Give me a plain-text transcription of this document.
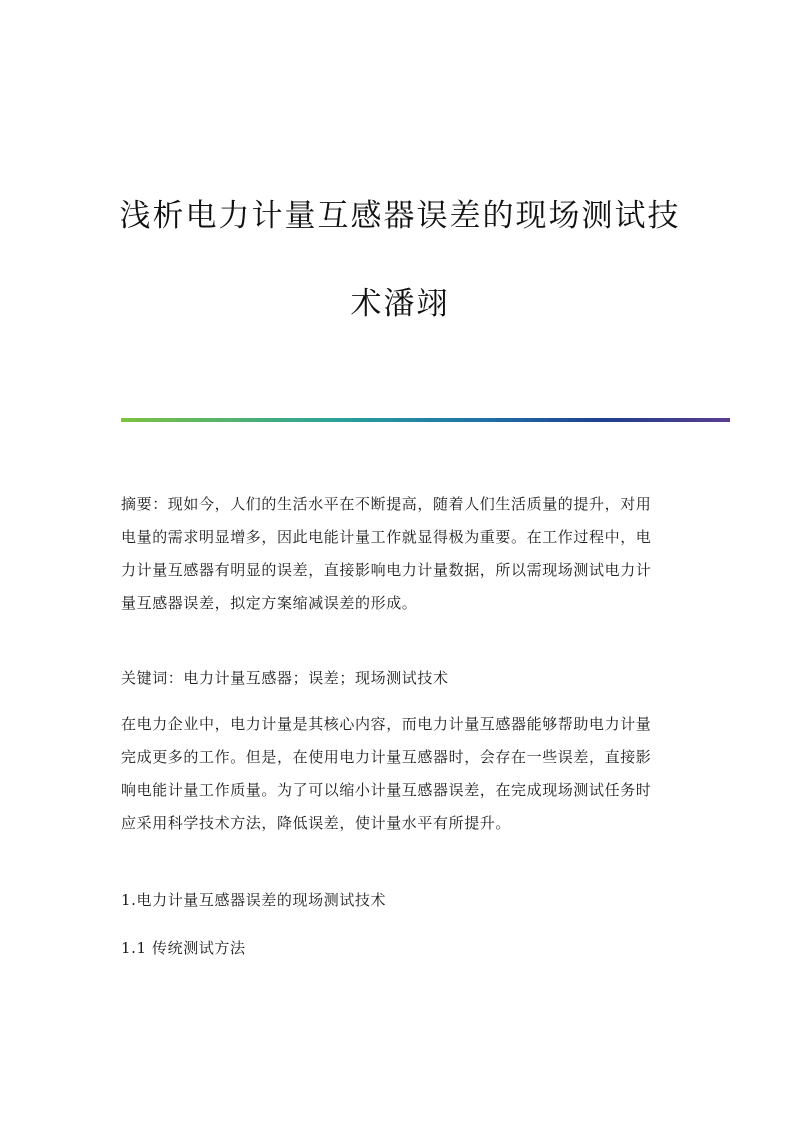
浅析电力计量互感器误差的现场测试技
术潘翊
摘要：现如今，人们的生活水平在不断提高，随着人们生活质量的提升，对用
电量的需求明显增多，因此电能计量工作就显得极为重要。在工作过程中，电
力计量互感器有明显的误差，直接影响电力计量数据，所以需现场测试电力计
量互感器误差，拟定方案缩减误差的形成。
关键词：电力计量互感器；误差；现场测试技术
在电力企业中，电力计量是其核心内容，而电力计量互感器能够帮助电力计量
完成更多的工作。但是，在使用电力计量互感器时，会存在一些误差，直接影
响电能计量工作质量。为了可以缩小计量互感器误差，在完成现场测试任务时
应采用科学技术方法，降低误差，使计量水平有所提升。
1.电力计量互感器误差的现场测试技术
1.1 传统测试方法
